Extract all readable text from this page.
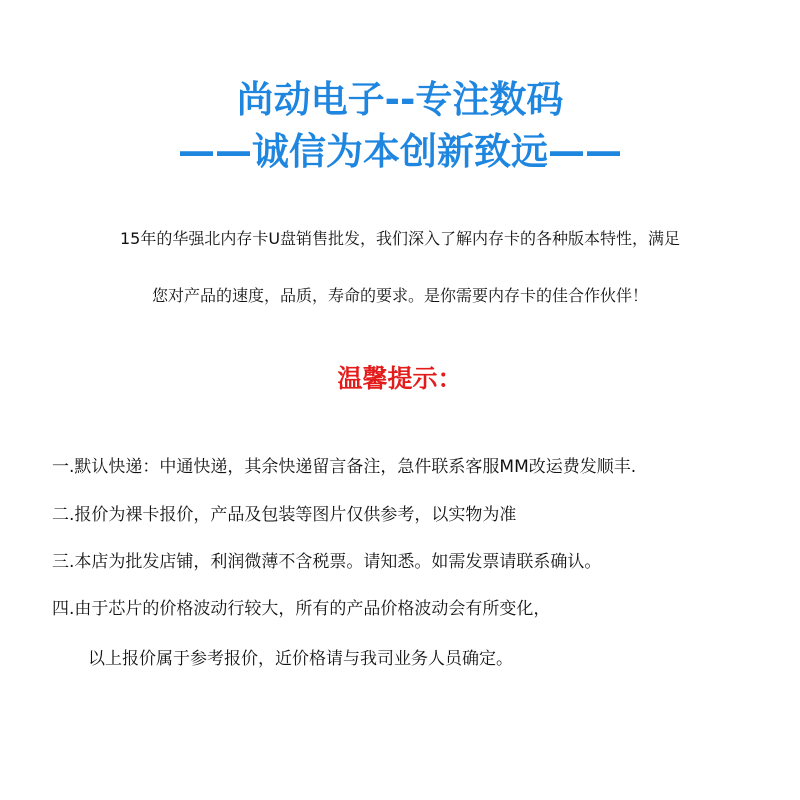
尚动电子--专注数码
——诚信为本创新致远——
15年的华强北内存卡U盘销售批发，我们深入了解内存卡的各种版本特性，满足
您对产品的速度，品质，寿命的要求。是你需要内存卡的佳合作伙伴！
温馨提示：
一.默认快递：中通快递，其余快递留言备注，急件联系客服MM改运费发顺丰.
二.报价为裸卡报价，产品及包装等图片仅供参考，以实物为准
三.本店为批发店铺，利润微薄不含税票。请知悉。如需发票请联系确认。
四.由于芯片的价格波动行较大，所有的产品价格波动会有所变化，
以上报价属于参考报价，近价格请与我司业务人员确定。
